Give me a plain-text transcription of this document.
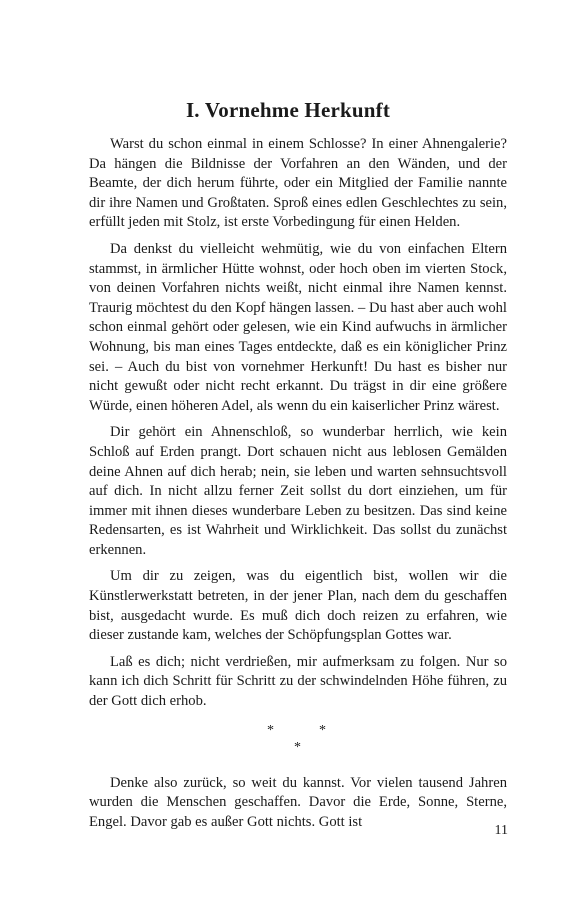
I. Vornehme Herkunft

Warst du schon einmal in einem Schlosse? In einer Ahnengalerie? Da hängen die Bildnisse der Vorfahren an den Wänden, und der Beamte, der dich herum führte, oder ein Mitglied der Familie nannte dir ihre Namen und Großtaten. Sproß eines edlen Geschlechtes zu sein, erfüllt jeden mit Stolz, ist erste Vorbedingung für einen Helden.

Da denkst du vielleicht wehmütig, wie du von einfachen Eltern stammst, in ärmlicher Hütte wohnst, oder hoch oben im vierten Stock, von deinen Vorfahren nichts weißt, nicht einmal ihre Namen kennst. Traurig möchtest du den Kopf hängen lassen. – Du hast aber auch wohl schon einmal gehört oder gelesen, wie ein Kind aufwuchs in ärmlicher Wohnung, bis man eines Tages entdeckte, daß es ein königlicher Prinz sei. – Auch du bist von vornehmer Herkunft! Du hast es bisher nur nicht gewußt oder nicht recht erkannt. Du trägst in dir eine größere Würde, einen höheren Adel, als wenn du ein kaiserlicher Prinz wärest.

Dir gehört ein Ahnenschloß, so wunderbar herrlich, wie kein Schloß auf Erden prangt. Dort schauen nicht aus leblosen Gemälden deine Ahnen auf dich herab; nein, sie leben und warten sehnsuchtsvoll auf dich. In nicht allzu ferner Zeit sollst du dort einziehen, um für immer mit ihnen dieses wunderbare Leben zu besitzen. Das sind keine Redensarten, es ist Wahrheit und Wirklichkeit. Das sollst du zunächst erkennen.

Um dir zu zeigen, was du eigentlich bist, wollen wir die Künstlerwerkstatt betreten, in der jener Plan, nach dem du geschaffen bist, ausgedacht wurde. Es muß dich doch reizen zu erfahren, wie dieser zustande kam, welches der Schöpfungsplan Gottes war.

Laß es dich; nicht verdrießen, mir aufmerksam zu folgen. Nur so kann ich dich Schritt für Schritt zu der schwindelnden Höhe führen, zu der Gott dich erhob.

*	*
*

Denke also zurück, so weit du kannst. Vor vielen tausend Jahren wurden die Menschen geschaffen. Davor die Erde, Sonne, Sterne, Engel. Davor gab es außer Gott nichts. Gott ist

11
